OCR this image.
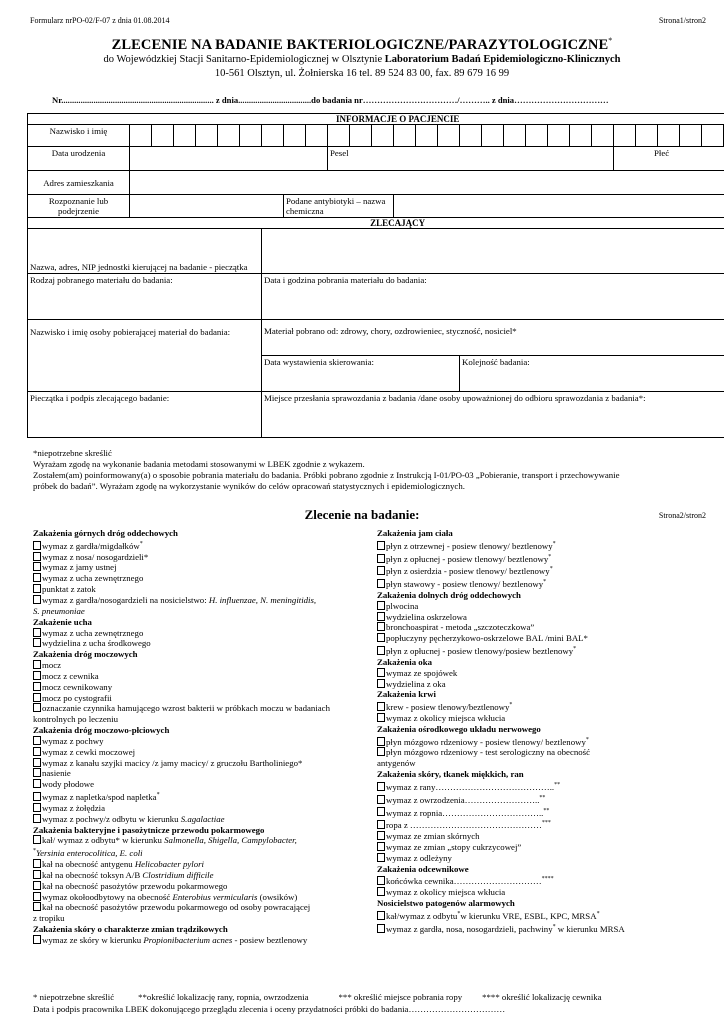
Formularz nrPO-02/F-07 z dnia 01.08.2014	Strona1/stron2
ZLECENIE NA BADANIE BAKTERIOLOGICZNE/PARAZYTOLOGICZNE*
do Wojewódzkiej Stacji Sanitarno-Epidemiologicznej w Olsztynie Laboratorium Badań Epidemiologiczno-Klinicznych
10-561 Olsztyn, ul. Żołnierska 16 tel. 89 524 83 00, fax. 89 679 16 99
Nr....................................................................... z dnia..................................do badania nr……………………………/……….. z dnia……………………………
INFORMACJE O PACJENCIE																													
Nazwisko i imię																													
Data urodzenia										Pesel													Płeć						
Adres zamieszkania																													
Rozpoznanie lub podejrzenie								Podane antybiotyki – nazwa chemiczna																					
ZLECAJĄCY																													
Nazwa, adres, NIP jednostki kierującej na badanie - pieczątka																													
Rodzaj pobranego materiału do badania:							Data i godzina pobrania materiału do badania:																						
Nazwisko i imię osoby pobierającej materiał do badania:							Materiał pobrano od: zdrowy, chory, ozdrowieniec, styczność, nosiciel*																						
							Data wystawienia skierowania:									Kolejność badania:													
Pieczątka i podpis zlecającego badanie:							Miejsce przesłania sprawozdania z badania /dane osoby upoważnionej do odbioru sprawozdania z badania*:																						
*niepotrzebne skreślić
Wyrażam zgodę na wykonanie badania metodami stosowanymi w LBEK zgodnie z wykazem.
Zostałem(am) poinformowany(a) o sposobie pobrania materiału do badania. Próbki pobrano zgodnie z Instrukcją I-01/PO-03 „Pobieranie, transport i przechowywanie
próbek do badań”. Wyrażam zgodę na wykorzystanie wyników do celów opracowań statystycznych i epidemiologicznych.
Zlecenie na badanie:	Strona2/stron2
Zakażenia górnych dróg oddechowych
wymaz z gardła/migdałków*
wymaz z nosa/ nosogardzieli*
wymaz z jamy ustnej
wymaz z ucha zewnętrznego
punktat z zatok
wymaz z gardła/nosogardzieli na nosicielstwo: H. influenzae, N. meningitidis,
S. pneumoniae
Zakażenie ucha
wymaz z ucha zewnętrznego
wydzielina z ucha środkowego
Zakażenia dróg moczowych
mocz
mocz z cewnika
mocz cewnikowany
mocz po cystografii
oznaczanie czynnika hamującego wzrost bakterii w próbkach moczu w badaniach
kontrolnych po leczeniu
Zakażenia dróg moczowo-płciowych
wymaz z pochwy
wymaz z cewki moczowej
wymaz z kanału szyjki macicy /z jamy macicy/ z gruczołu Bartholiniego*
nasienie
wody płodowe
wymaz z napletka/spod napletka*
wymaz z żołędzia
wymaz z pochwy/z odbytu w kierunku S.agalactiae
Zakażenia bakteryjne i pasożytnicze przewodu pokarmowego
kał/ wymaz z odbytu* w kierunku Salmonella, Shigella, Campylobacter,
*Yersinia enterocolitica, E. coli
kał na obecność antygenu Helicobacter pylori
kał na obecność toksyn A/B Clostridium difficile
kał na obecność pasożytów przewodu pokarmowego
wymaz okołoodbytowy na obecność Enterobius vermicularis (owsików)
kał na obecność pasożytów przewodu pokarmowego od osoby powracającej
z tropiku
Zakażenia skóry o charakterze zmian trądzikowych
wymaz ze skóry w kierunku Propionibacterium acnes - posiew beztlenowy
Zakażenia jam ciała
płyn z otrzewnej - posiew tlenowy/ beztlenowy*
płyn z opłucnej - posiew tlenowy/ beztlenowy*
płyn z osierdzia - posiew tlenowy/ beztlenowy*
płyn stawowy - posiew tlenowy/ beztlenowy*
Zakażenia dolnych dróg oddechowych
plwocina
wydzielina oskrzelowa
bronchoaspirat - metoda „szczoteczkowa”
popłuczyny pęcherzykowo-oskrzelowe BAL /mini BAL*
płyn z opłucnej - posiew tlenowy/posiew beztlenowy*
Zakażenia oka
wymaz ze spojówek
wydzielina z oka
Zakażenia krwi
krew - posiew tlenowy/beztlenowy*
wymaz z okolicy miejsca wkłucia
Zakażenia ośrodkowego układu nerwowego
płyn mózgowo rdzeniowy - posiew tlenowy/ beztlenowy*
płyn mózgowo rdzeniowy - test serologiczny na obecność
antygenów
Zakażenia skóry, tkanek miękkich, ran
wymaz z rany…………………………………..**
wymaz z owrzodzenia……………………..**
wymaz z ropnia……………………………..**
ropa z ………………………………………***
wymaz ze zmian skórnych
wymaz ze zmian „stopy cukrzycowej”
wymaz z odleżyny
Zakażenia odcewnikowe
końcówka cewnika…………………………****
wymaz z okolicy miejsca wkłucia
Nosicielstwo patogenów alarmowych
kał/wymaz z odbytu*w kierunku VRE, ESBL, KPC, MRSA*
wymaz z gardła, nosa, nosogardzieli, pachwiny* w kierunku MRSA
* niepotrzebne skreślić	**określić lokalizację rany, ropnia, owrzodzenia	*** określić miejsce pobrania ropy **** określić lokalizację cewnika
Data i podpis pracownika LBEK dokonującego przeglądu zlecenia i oceny przydatności próbki do badania……………………………
